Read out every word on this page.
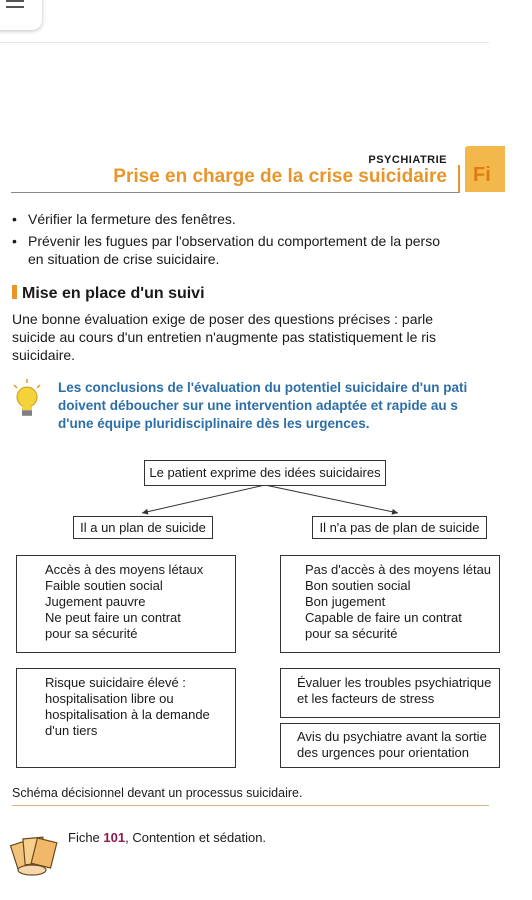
PSYCHIATRIE
Prise en charge de la crise suicidaire Fi
• Vérifier la fermeture des fenêtres.
• Prévenir les fugues par l'observation du comportement de la perso
en situation de crise suicidaire.
Mise en place d'un suivi
Une bonne évaluation exige de poser des questions précises : parle
suicide au cours d'un entretien n'augmente pas statistiquement le ris
suicidaire.
Les conclusions de l'évaluation du potentiel suicidaire d'un pati
doivent déboucher sur une intervention adaptée et rapide au s
d'une équipe pluridisciplinaire dès les urgences.
Le patient exprime des idées suicidaires
Il a un plan de suicide	Il n'a pas de plan de suicide
Accès à des moyens létaux
Faible soutien social
Jugement pauvre
Ne peut faire un contrat
pour sa sécurité
Pas d'accès à des moyens létau
Bon soutien social
Bon jugement
Capable de faire un contrat
pour sa sécurité
Risque suicidaire élevé :
hospitalisation libre ou
hospitalisation à la demande
d'un tiers
Évaluer les troubles psychiatrique
et les facteurs de stress
Avis du psychiatre avant la sortie
des urgences pour orientation
Schéma décisionnel devant un processus suicidaire.
Fiche 101, Contention et sédation.
